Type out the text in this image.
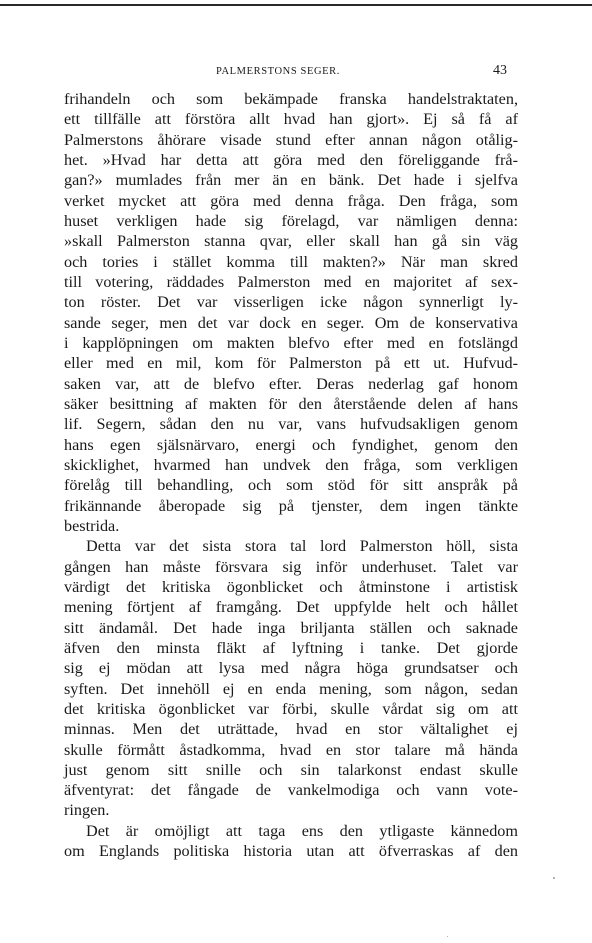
PALMERSTONS SEGER.	43
frihandeln och som bekämpade franska handelstraktaten,
ett tillfälle att förstöra allt hvad han gjort». Ej så få af
Palmerstons åhörare visade stund efter annan någon otålig-
het. »Hvad har detta att göra med den föreliggande frå-
gan?» mumlades från mer än en bänk. Det hade i sjelfva
verket mycket att göra med denna fråga. Den fråga, som
huset verkligen hade sig förelagd, var nämligen denna:
»skall Palmerston stanna qvar, eller skall han gå sin väg
och tories i stället komma till makten?» När man skred
till votering, räddades Palmerston med en majoritet af sex-
ton röster. Det var visserligen icke någon synnerligt ly-
sande seger, men det var dock en seger. Om de konservativa
i kapplöpningen om makten blefvo efter med en fotslängd
eller med en mil, kom för Palmerston på ett ut. Hufvud-
saken var, att de blefvo efter. Deras nederlag gaf honom
säker besittning af makten för den återstående delen af hans
lif. Segern, sådan den nu var, vans hufvudsakligen genom
hans egen själsnärvaro, energi och fyndighet, genom den
skicklighet, hvarmed han undvek den fråga, som verkligen
förelåg till behandling, och som stöd för sitt anspråk på
frikännande åberopade sig på tjenster, dem ingen tänkte
bestrida.
Detta var det sista stora tal lord Palmerston höll, sista
gången han måste försvara sig inför underhuset. Talet var
värdigt det kritiska ögonblicket och åtminstone i artistisk
mening förtjent af framgång. Det uppfylde helt och hållet
sitt ändamål. Det hade inga briljanta ställen och saknade
äfven den minsta fläkt af lyftning i tanke. Det gjorde
sig ej mödan att lysa med några höga grundsatser och
syften. Det innehöll ej en enda mening, som någon, sedan
det kritiska ögonblicket var förbi, skulle vårdat sig om att
minnas. Men det uträttade, hvad en stor vältalighet ej
skulle förmått åstadkomma, hvad en stor talare må hända
just genom sitt snille och sin talarkonst endast skulle
äfventyrat: det fångade de vankelmodiga och vann vote-
ringen.
Det är omöjligt att taga ens den ytligaste kännedom
om Englands politiska historia utan att öfverraskas af den
